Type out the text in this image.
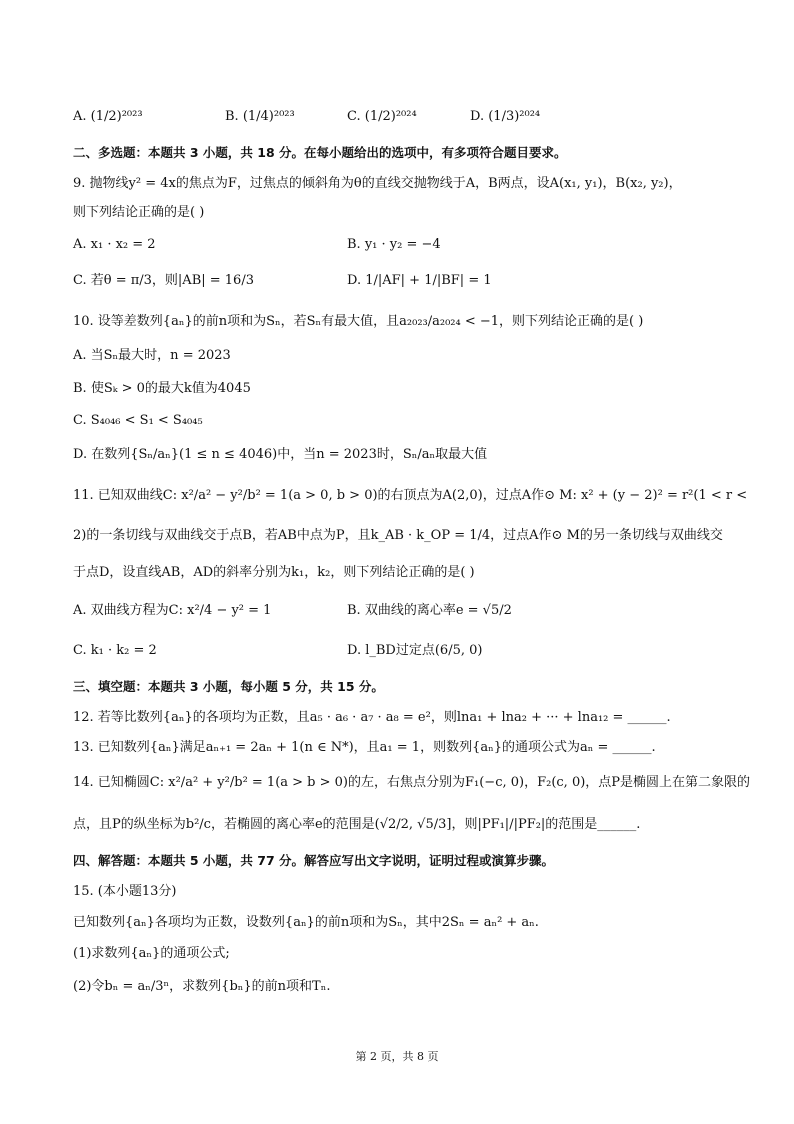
A. (1/2)²⁰²³	B. (1/4)²⁰²³	C. (1/2)²⁰²⁴	D. (1/3)²⁰²⁴
二、多选题：本题共 3 小题，共 18 分。在每小题给出的选项中，有多项符合题目要求。
9. 抛物线y² = 4x的焦点为F，过焦点的倾斜角为θ的直线交抛物线于A，B两点，设A(x₁, y₁)，B(x₂, y₂)，
则下列结论正确的是( )
A. x₁ · x₂ = 2	B. y₁ · y₂ = −4
C. 若θ = π/3，则|AB| = 16/3	D. 1/|AF| + 1/|BF| = 1
10. 设等差数列{aₙ}的前n项和为Sₙ，若Sₙ有最大值，且a₂₀₂₃/a₂₀₂₄ < −1，则下列结论正确的是( )
A. 当Sₙ最大时，n = 2023
B. 使Sₖ > 0的最大k值为4045
C. S₄₀₄₆ < S₁ < S₄₀₄₅
D. 在数列{Sₙ/aₙ}(1 ≤ n ≤ 4046)中，当n = 2023时，Sₙ/aₙ取最大值
11. 已知双曲线C: x²/a² − y²/b² = 1(a > 0, b > 0)的右顶点为A(2,0)，过点A作⊙ M: x² + (y − 2)² = r²(1 < r <
2)的一条切线与双曲线交于点B，若AB中点为P，且k_AB · k_OP = 1/4，过点A作⊙ M的另一条切线与双曲线交
于点D，设直线AB，AD的斜率分别为k₁，k₂，则下列结论正确的是( )
A. 双曲线方程为C: x²/4 − y² = 1	B. 双曲线的离心率e = √5/2
C. k₁ · k₂ = 2	D. l_BD过定点(6/5, 0)
三、填空题：本题共 3 小题，每小题 5 分，共 15 分。
12. 若等比数列{aₙ}的各项均为正数，且a₅ · a₆ · a₇ · a₈ = e²，则lna₁ + lna₂ + ··· + lna₁₂ = ______.
13. 已知数列{aₙ}满足aₙ₊₁ = 2aₙ + 1(n ∈ N*)，且a₁ = 1，则数列{aₙ}的通项公式为aₙ = ______.
14. 已知椭圆C: x²/a² + y²/b² = 1(a > b > 0)的左，右焦点分别为F₁(−c, 0)，F₂(c, 0)，点P是椭圆上在第二象限的
点，且P的纵坐标为b²/c，若椭圆的离心率e的范围是(√2/2, √5/3]，则|PF₁|/|PF₂|的范围是______.
四、解答题：本题共 5 小题，共 77 分。解答应写出文字说明，证明过程或演算步骤。
15. (本小题13分)
已知数列{aₙ}各项均为正数，设数列{aₙ}的前n项和为Sₙ，其中2Sₙ = aₙ² + aₙ.
(1)求数列{aₙ}的通项公式;
(2)令bₙ = aₙ/3ⁿ，求数列{bₙ}的前n项和Tₙ.
第 2 页，共 8 页
